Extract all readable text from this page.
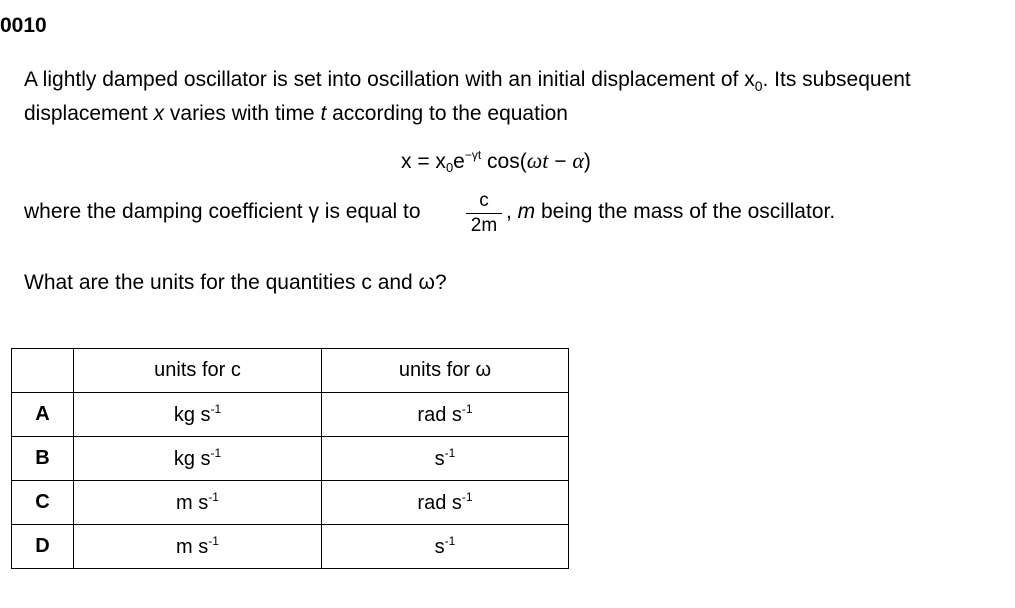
0010
A lightly damped oscillator is set into oscillation with an initial displacement of $x_0$. Its subsequent
displacement x varies with time t according to the equation
$x = x_0e^{-\gamma t}$ cos(ωt − α)
where the damping coefficient γ is equal to	c
2m
, m being the mass of the oscillator.
What are the units for the quantities c and ω?
	units for c	units for ω
A	kg $s^{-1}$	rad $s^{-1}$
B	kg $s^{-1}$	$s^{-1}$
C	m $s^{-1}$	rad $s^{-1}$
D	m $s^{-1}$	$s^{-1}$
